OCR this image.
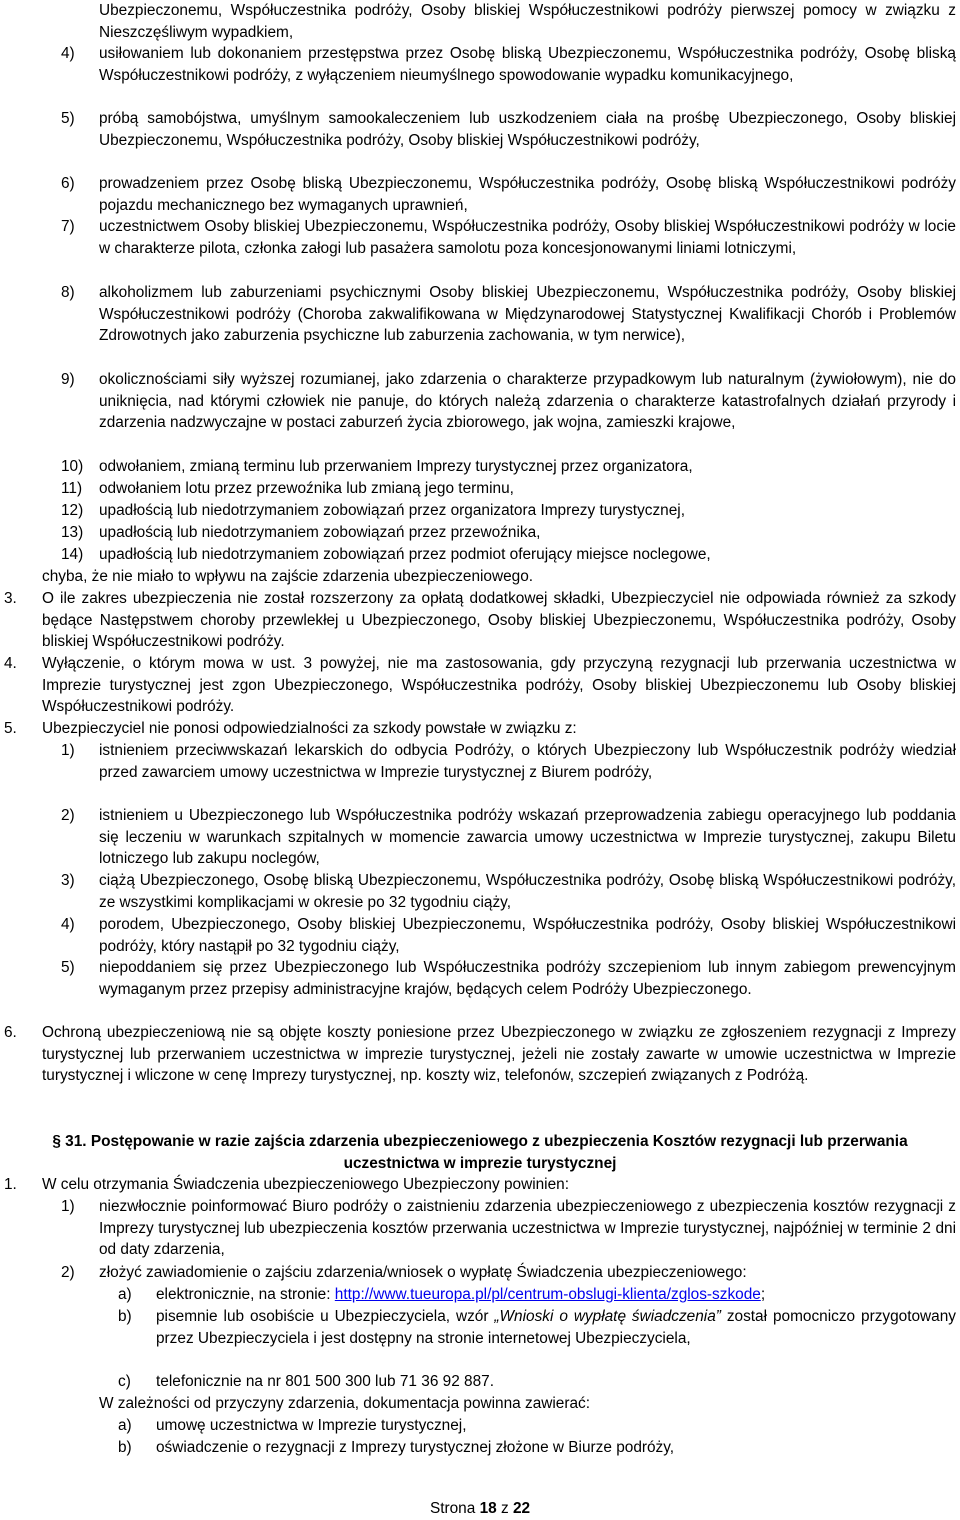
Ubezpieczonemu, Współuczestnika podróży, Osoby bliskiej Współuczestnikowi podróży pierwszej pomocy w związku z Nieszczęśliwym wypadkiem,

4) usiłowaniem lub dokonaniem przestępstwa przez Osobę bliską Ubezpieczonemu, Współuczestnika podróży, Osobę bliską Współuczestnikowi podróży, z wyłączeniem nieumyślnego spowodowanie wypadku komunikacyjnego,

5) próbą samobójstwa, umyślnym samookaleczeniem lub uszkodzeniem ciała na prośbę Ubezpieczonego, Osoby bliskiej Ubezpieczonemu, Współuczestnika podróży, Osoby bliskiej Współuczestnikowi podróży,

6) prowadzeniem przez Osobę bliską Ubezpieczonemu, Współuczestnika podróży, Osobę bliską Współuczestnikowi podróży pojazdu mechanicznego bez wymaganych uprawnień,

7) uczestnictwem Osoby bliskiej Ubezpieczonemu, Współuczestnika podróży, Osoby bliskiej Współuczestnikowi podróży w locie w charakterze pilota, członka załogi lub pasażera samolotu poza koncesjonowanymi liniami lotniczymi,

8) alkoholizmem lub zaburzeniami psychicznymi Osoby bliskiej Ubezpieczonemu, Współuczestnika podróży, Osoby bliskiej Współuczestnikowi podróży (Choroba zakwalifikowana w Międzynarodowej Statystycznej Kwalifikacji Chorób i Problemów Zdrowotnych jako zaburzenia psychiczne lub zaburzenia zachowania, w tym nerwice),

9) okolicznościami siły wyższej rozumianej, jako zdarzenia o charakterze przypadkowym lub naturalnym (żywiołowym), nie do uniknięcia, nad którymi człowiek nie panuje, do których należą zdarzenia o charakterze katastrofalnych działań przyrody i zdarzenia nadzwyczajne w postaci zaburzeń życia zbiorowego, jak wojna, zamieszki krajowe,

10) odwołaniem, zmianą terminu lub przerwaniem Imprezy turystycznej przez organizatora,

11) odwołaniem lotu przez przewoźnika lub zmianą jego terminu,

12) upadłością lub niedotrzymaniem zobowiązań przez organizatora Imprezy turystycznej,

13) upadłością lub niedotrzymaniem zobowiązań przez przewoźnika,

14) upadłością lub niedotrzymaniem zobowiązań przez podmiot oferujący miejsce noclegowe,

chyba, że nie miało to wpływu na zajście zdarzenia ubezpieczeniowego.

3. O ile zakres ubezpieczenia nie został rozszerzony za opłatą dodatkowej składki, Ubezpieczyciel nie odpowiada również za szkody będące Następstwem choroby przewlekłej u Ubezpieczonego, Osoby bliskiej Ubezpieczonemu, Współuczestnika podróży, Osoby bliskiej Współuczestnikowi podróży.

4. Wyłączenie, o którym mowa w ust. 3 powyżej, nie ma zastosowania, gdy przyczyną rezygnacji lub przerwania uczestnictwa w Imprezie turystycznej jest zgon Ubezpieczonego, Współuczestnika podróży, Osoby bliskiej Ubezpieczonemu lub Osoby bliskiej Współuczestnikowi podróży.

5. Ubezpieczyciel nie ponosi odpowiedzialności za szkody powstałe w związku z:

1) istnieniem przeciwwskazań lekarskich do odbycia Podróży, o których Ubezpieczony lub Współuczestnik podróży wiedział przed zawarciem umowy uczestnictwa w Imprezie turystycznej z Biurem podróży,

2) istnieniem u Ubezpieczonego lub Współuczestnika podróży wskazań przeprowadzenia zabiegu operacyjnego lub poddania się leczeniu w warunkach szpitalnych w momencie zawarcia umowy uczestnictwa w Imprezie turystycznej, zakupu Biletu lotniczego lub zakupu noclegów,

3) ciążą Ubezpieczonego, Osobę bliską Ubezpieczonemu, Współuczestnika podróży, Osobę bliską Współuczestnikowi podróży, ze wszystkimi komplikacjami w okresie po 32 tygodniu ciąży,

4) porodem, Ubezpieczonego, Osoby bliskiej Ubezpieczonemu, Współuczestnika podróży, Osoby bliskiej Współuczestnikowi podróży, który nastąpił po 32 tygodniu ciąży,

5) niepoddaniem się przez Ubezpieczonego lub Współuczestnika podróży szczepieniom lub innym zabiegom prewencyjnym wymaganym przez przepisy administracyjne krajów, będących celem Podróży Ubezpieczonego.

6. Ochroną ubezpieczeniową nie są objęte koszty poniesione przez Ubezpieczonego w związku ze zgłoszeniem rezygnacji z Imprezy turystycznej lub przerwaniem uczestnictwa w imprezie turystycznej, jeżeli nie zostały zawarte w umowie uczestnictwa w Imprezie turystycznej i wliczone w cenę Imprezy turystycznej, np. koszty wiz, telefonów, szczepień związanych z Podróżą.

§ 31. Postępowanie w razie zajścia zdarzenia ubezpieczeniowego z ubezpieczenia Kosztów rezygnacji lub przerwania uczestnictwa w imprezie turystycznej
1. W celu otrzymania Świadczenia ubezpieczeniowego Ubezpieczony powinien:

1) niezwłocznie poinformować Biuro podróży o zaistnieniu zdarzenia ubezpieczeniowego z ubezpieczenia kosztów rezygnacji z Imprezy turystycznej lub ubezpieczenia kosztów przerwania uczestnictwa w Imprezie turystycznej, najpóźniej w terminie 2 dni od daty zdarzenia,

2) złożyć zawiadomienie o zajściu zdarzenia/wniosek o wypłatę Świadczenia ubezpieczeniowego:

a) elektronicznie, na stronie: http://www.tueuropa.pl/pl/centrum-obslugi-klienta/zglos-szkode;

b) pisemnie lub osobiście u Ubezpieczyciela, wzór „Wnioski o wypłatę świadczenia” został pomocniczo przygotowany przez Ubezpieczyciela i jest dostępny na stronie internetowej Ubezpieczyciela,

c) telefonicznie na nr 801 500 300 lub 71 36 92 887.

W zależności od przyczyny zdarzenia, dokumentacja powinna zawierać:

a) umowę uczestnictwa w Imprezie turystycznej,

b) oświadczenie o rezygnacji z Imprezy turystycznej złożone w Biurze podróży,

Strona 18 z 22
